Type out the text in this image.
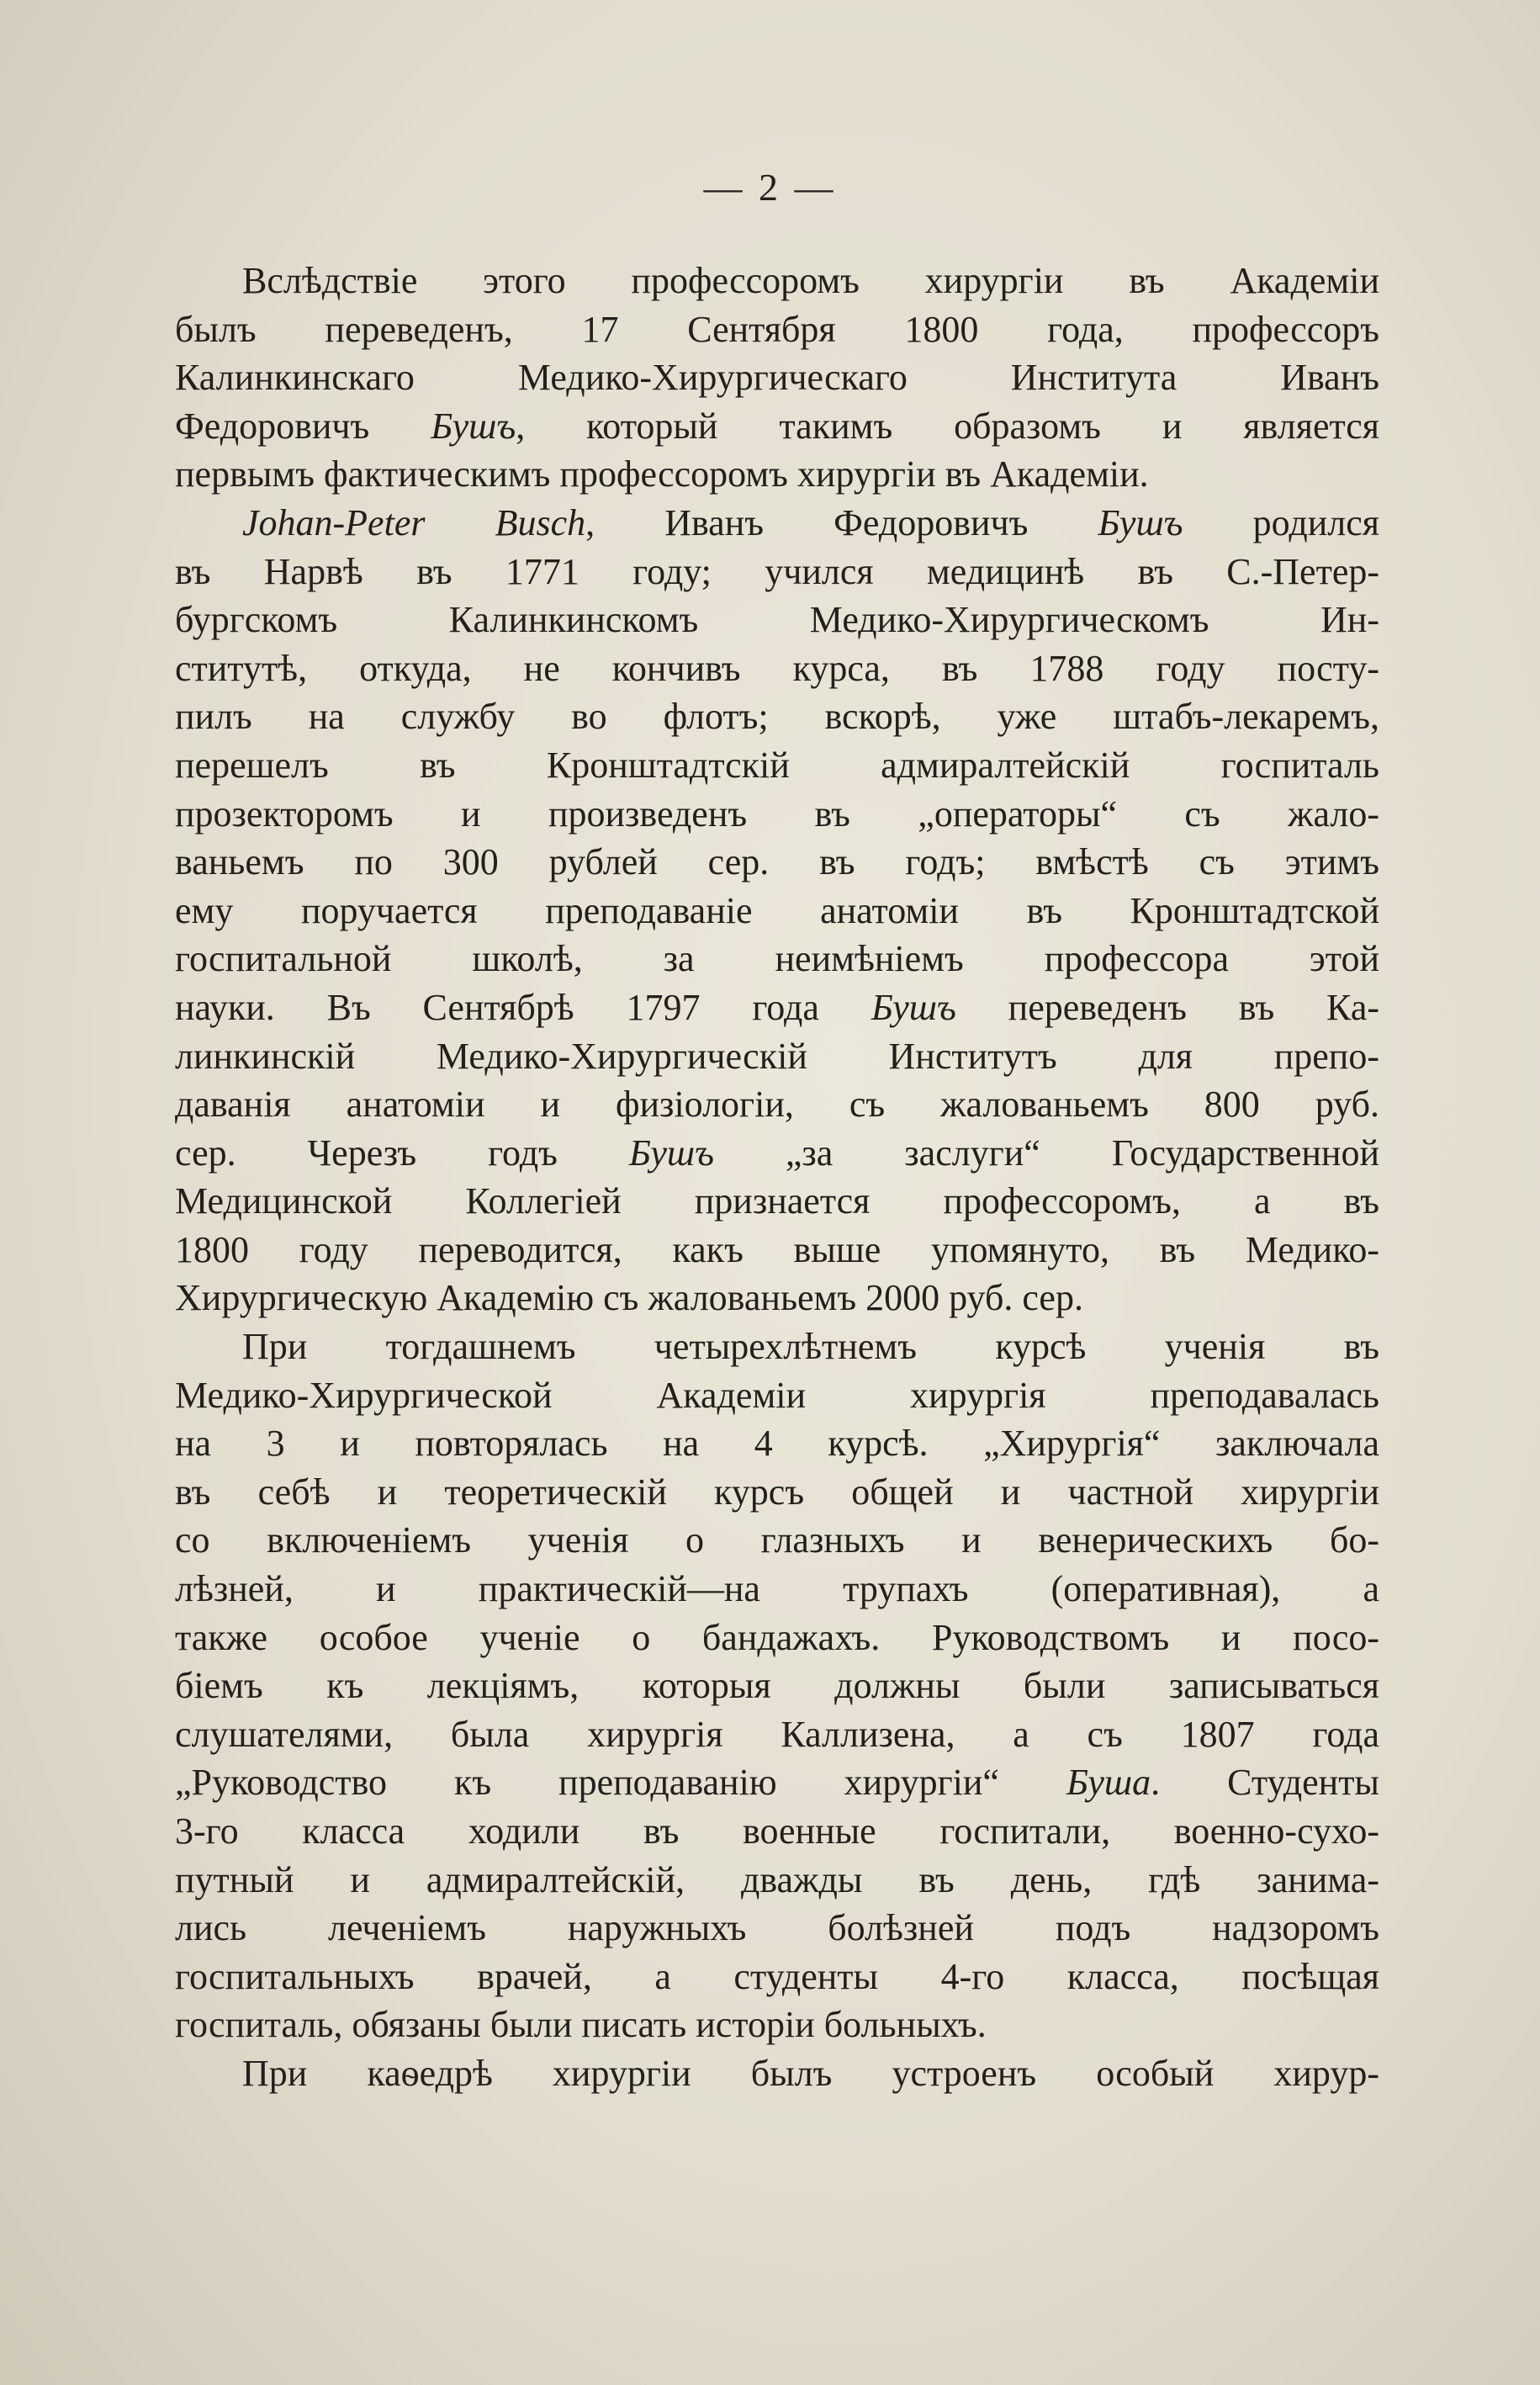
— 2 —
Вслѣдствіе этого профессоромъ хирургіи въ Академіи
былъ переведенъ, 17 Сентября 1800 года, профессоръ
Калинкинскаго Медико-Хирургическаго Института Иванъ
Федоровичъ Бушъ, который такимъ образомъ и является
первымъ фактическимъ профессоромъ хирургіи въ Академіи.
Johan-Peter Busch, Иванъ Федоровичъ Бушъ родился
въ Нарвѣ въ 1771 году; учился медицинѣ въ С.-Петер-
бургскомъ Калинкинскомъ Медико-Хирургическомъ Ин-
ститутѣ, откуда, не кончивъ курса, въ 1788 году посту-
пилъ на службу во флотъ; вскорѣ, уже штабъ-лекаремъ,
перешелъ въ Кронштадтскій адмиралтейскій госпиталь
прозекторомъ и произведенъ въ „операторы“ съ жало-
ваньемъ по 300 рублей сер. въ годъ; вмѣстѣ съ этимъ
ему поручается преподаваніе анатоміи въ Кронштадтской
госпитальной школѣ, за неимѣніемъ профессора этой
науки. Въ Сентябрѣ 1797 года Бушъ переведенъ въ Ка-
линкинскій Медико-Хирургическій Институтъ для препо-
даванія анатоміи и физіологіи, съ жалованьемъ 800 руб.
сер. Черезъ годъ Бушъ „за заслуги“ Государственной
Медицинской Коллегіей признается профессоромъ, а въ
1800 году переводится, какъ выше упомянуто, въ Медико-
Хирургическую Академію съ жалованьемъ 2000 руб. сер.
При тогдашнемъ четырехлѣтнемъ курсѣ ученія въ
Медико-Хирургической Академіи хирургія преподавалась
на 3 и повторялась на 4 курсѣ. „Хирургія“ заключала
въ себѣ и теоретическій курсъ общей и частной хирургіи
со включеніемъ ученія о глазныхъ и венерическихъ бо-
лѣзней, и практическій—на трупахъ (оперативная), а
также особое ученіе о бандажахъ. Руководствомъ и посо-
біемъ къ лекціямъ, которыя должны были записываться
слушателями, была хирургія Каллизена, а съ 1807 года
„Руководство къ преподаванію хирургіи“ Буша. Студенты
3-го класса ходили въ военные госпитали, военно-сухо-
путный и адмиралтейскій, дважды въ день, гдѣ занима-
лись леченіемъ наружныхъ болѣзней подъ надзоромъ
госпитальныхъ врачей, а студенты 4-го класса, посѣщая
госпиталь, обязаны были писать исторіи больныхъ.
При каѳедрѣ хирургіи былъ устроенъ особый хирур-
